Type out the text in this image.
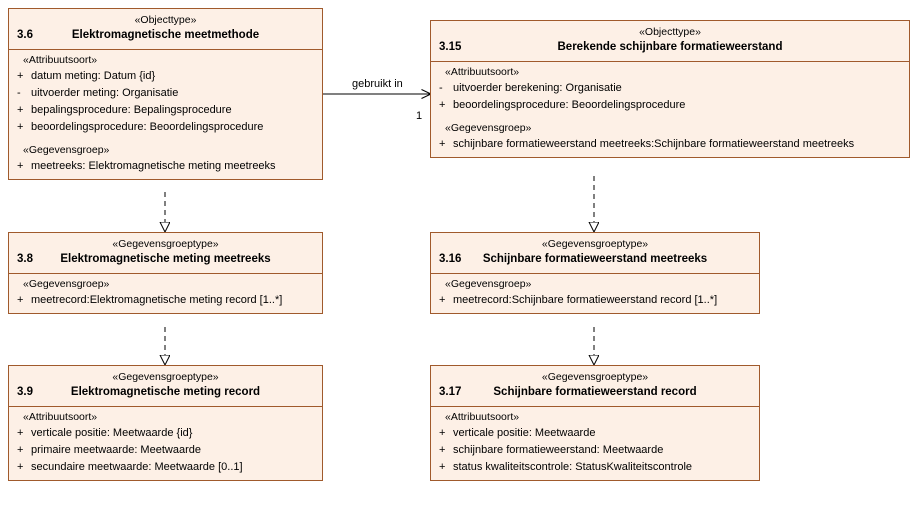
«Objecttype»
3.6	Elektromagnetische meetmethode
«Attribuutsoort»
+ datum meting: Datum {id}
- uitvoerder meting: Organisatie
+ bepalingsprocedure: Bepalingsprocedure
+ beoordelingsprocedure: Beoordelingsprocedure
«Gegevensgroep»
+ meetreeks: Elektromagnetische meting meetreeks
«Objecttype»
3.15	Berekende schijnbare formatieweerstand
«Attribuutsoort»
- uitvoerder berekening: Organisatie
+ beoordelingsprocedure: Beoordelingsprocedure
«Gegevensgroep»
+ schijnbare formatieweerstand meetreeks:Schijnbare formatieweerstand meetreeks
«Gegevensgroeptype»
3.8	Elektromagnetische meting meetreeks
«Gegevensgroep»
+ meetrecord:Elektromagnetische meting record [1..*]
«Gegevensgroeptype»
3.16	Schijnbare formatieweerstand meetreeks
«Gegevensgroep»
+ meetrecord:Schijnbare formatieweerstand record [1..*]
«Gegevensgroeptype»
3.9	Elektromagnetische meting record
«Attribuutsoort»
+ verticale positie: Meetwaarde {id}
+ primaire meetwaarde: Meetwaarde
+ secundaire meetwaarde: Meetwaarde [0..1]
«Gegevensgroeptype»
3.17	Schijnbare formatieweerstand record
«Attribuutsoort»
+ verticale positie: Meetwaarde
+ schijnbare formatieweerstand: Meetwaarde
+ status kwaliteitscontrole: StatusKwaliteitscontrole
gebruikt in
1
